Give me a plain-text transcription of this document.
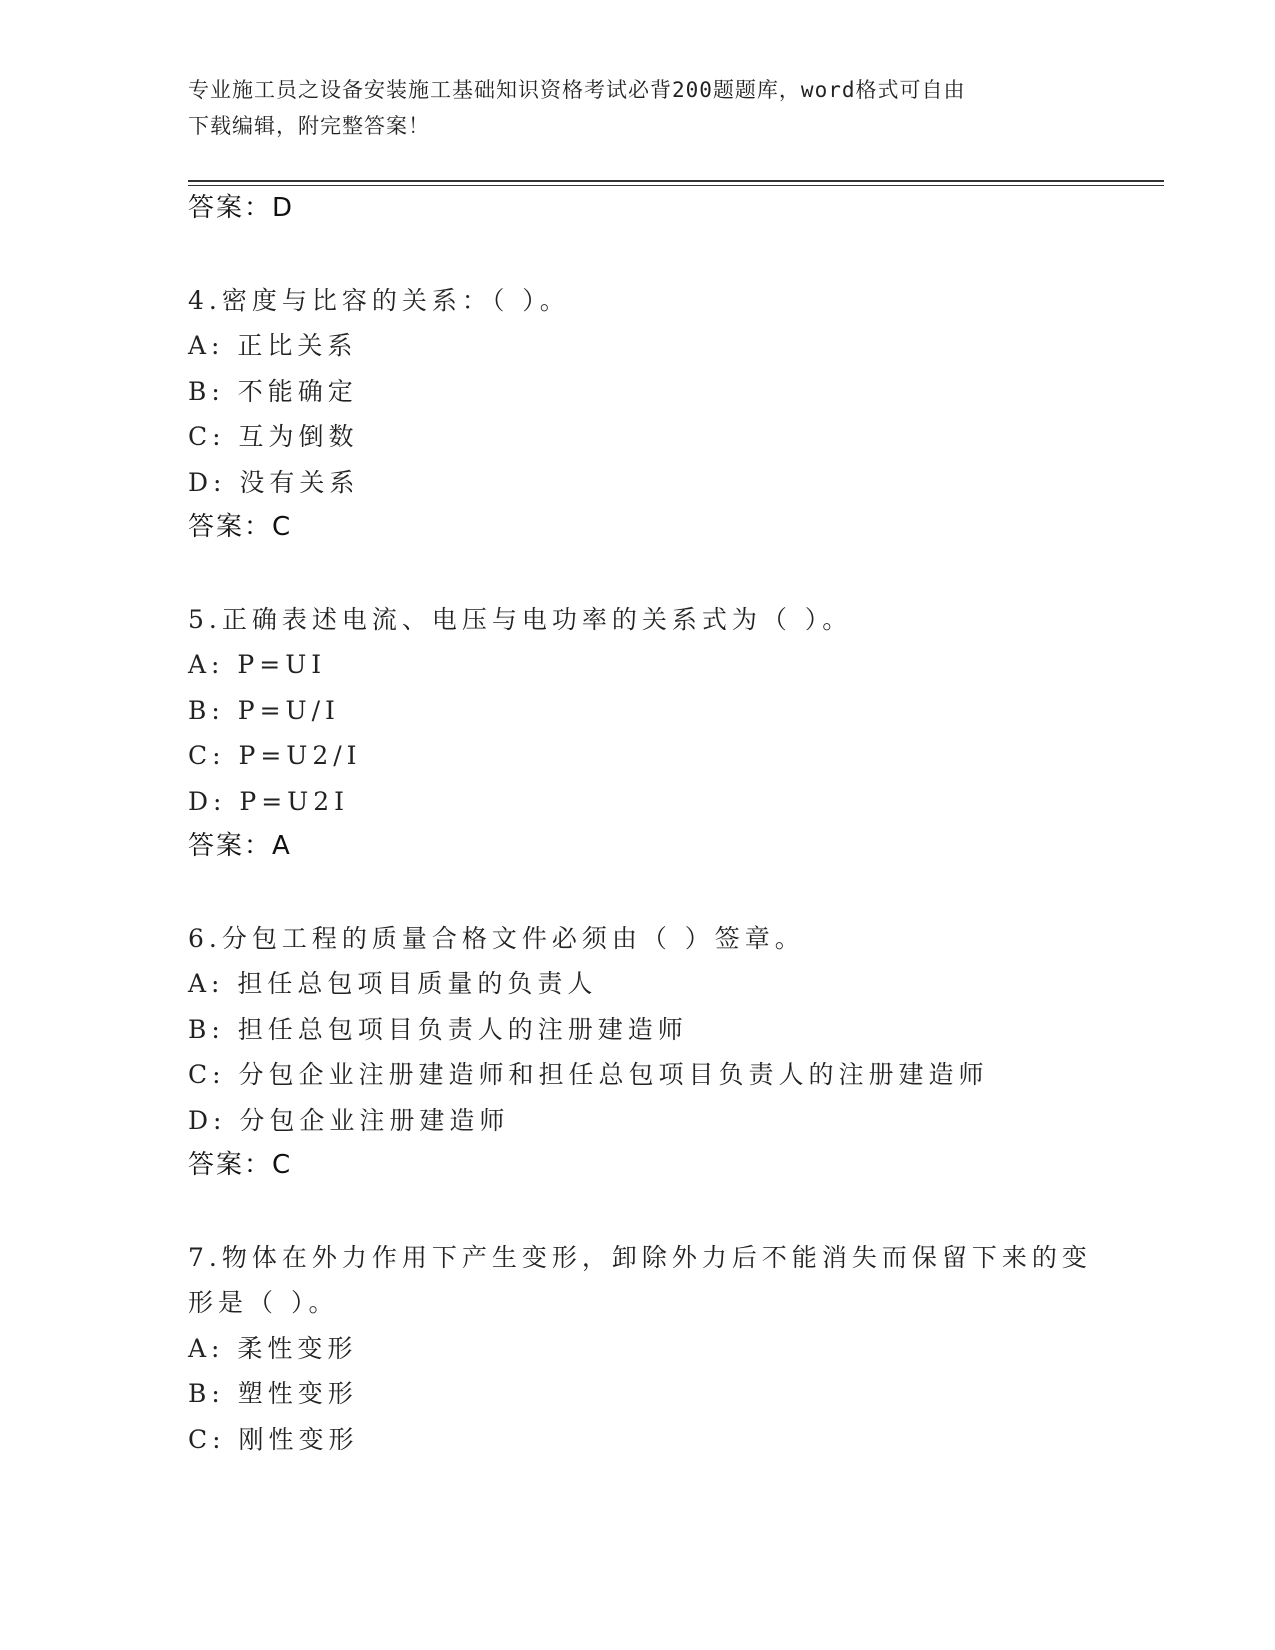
专业施工员之设备安装施工基础知识资格考试必背200题题库，word格式可自由
下载编辑，附完整答案！
答案：D
4.密度与比容的关系：（ ）。
A: 正比关系
B: 不能确定
C: 互为倒数
D: 没有关系
答案：C
5.正确表述电流、电压与电功率的关系式为（ ）。
A: P=UI
B: P=U/I
C: P=U2/I
D: P=U2I
答案：A
6.分包工程的质量合格文件必须由（ ）签章。
A: 担任总包项目质量的负责人
B: 担任总包项目负责人的注册建造师
C: 分包企业注册建造师和担任总包项目负责人的注册建造师
D: 分包企业注册建造师
答案：C
7.物体在外力作用下产生变形，卸除外力后不能消失而保留下来的变
形是（ ）。
A: 柔性变形
B: 塑性变形
C: 刚性变形
